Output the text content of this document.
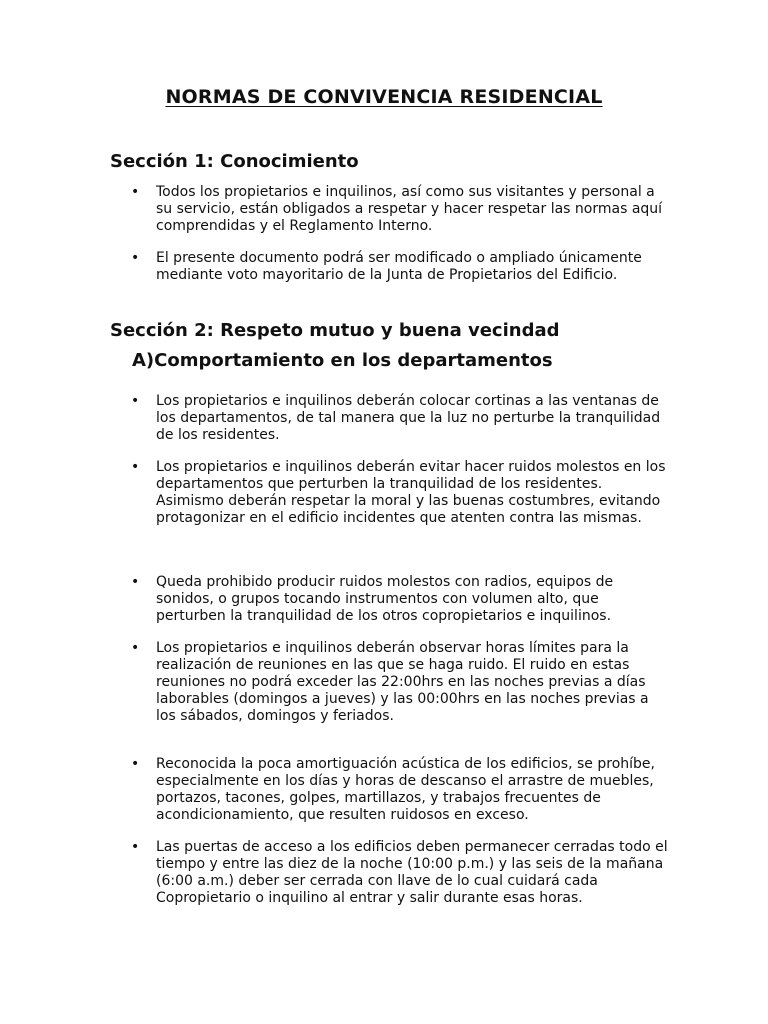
NORMAS DE CONVIVENCIA RESIDENCIAL
Sección 1: Conocimiento
• Todos los propietarios e inquilinos, así como sus visitantes y personal a su servicio, están obligados a respetar y hacer respetar las normas aquí comprendidas y el Reglamento Interno.

• El presente documento podrá ser modificado o ampliado únicamente mediante voto mayoritario de la Junta de Propietarios del Edificio.

Sección 2: Respeto mutuo y buena vecindad
A)Comportamiento en los departamentos
• Los propietarios e inquilinos deberán colocar cortinas a las ventanas de los departamentos, de tal manera que la luz no perturbe la tranquilidad de los residentes.

• Los propietarios e inquilinos deberán evitar hacer ruidos molestos en los departamentos que perturben la tranquilidad de los residentes. Asimismo deberán respetar la moral y las buenas costumbres, evitando protagonizar en el edificio incidentes que atenten contra las mismas.

• Queda prohibido producir ruidos molestos con radios, equipos de sonidos, o grupos tocando instrumentos con volumen alto, que perturben la tranquilidad de los otros copropietarios e inquilinos.

• Los propietarios e inquilinos deberán observar horas límites para la realización de reuniones en las que se haga ruido. El ruido en estas reuniones no podrá exceder las 22:00hrs en las noches previas a días laborables (domingos a jueves) y las 00:00hrs en las noches previas a los sábados, domingos y feriados.

• Reconocida la poca amortiguación acústica de los edificios, se prohíbe, especialmente en los días y horas de descanso el arrastre de muebles, portazos, tacones, golpes, martillazos, y trabajos frecuentes de acondicionamiento, que resulten ruidosos en exceso.

• Las puertas de acceso a los edificios deben permanecer cerradas todo el tiempo y entre las diez de la noche (10:00 p.m.) y las seis de la mañana (6:00 a.m.) deber ser cerrada con llave de lo cual cuidará cada Copropietario o inquilino al entrar y salir durante esas horas.
